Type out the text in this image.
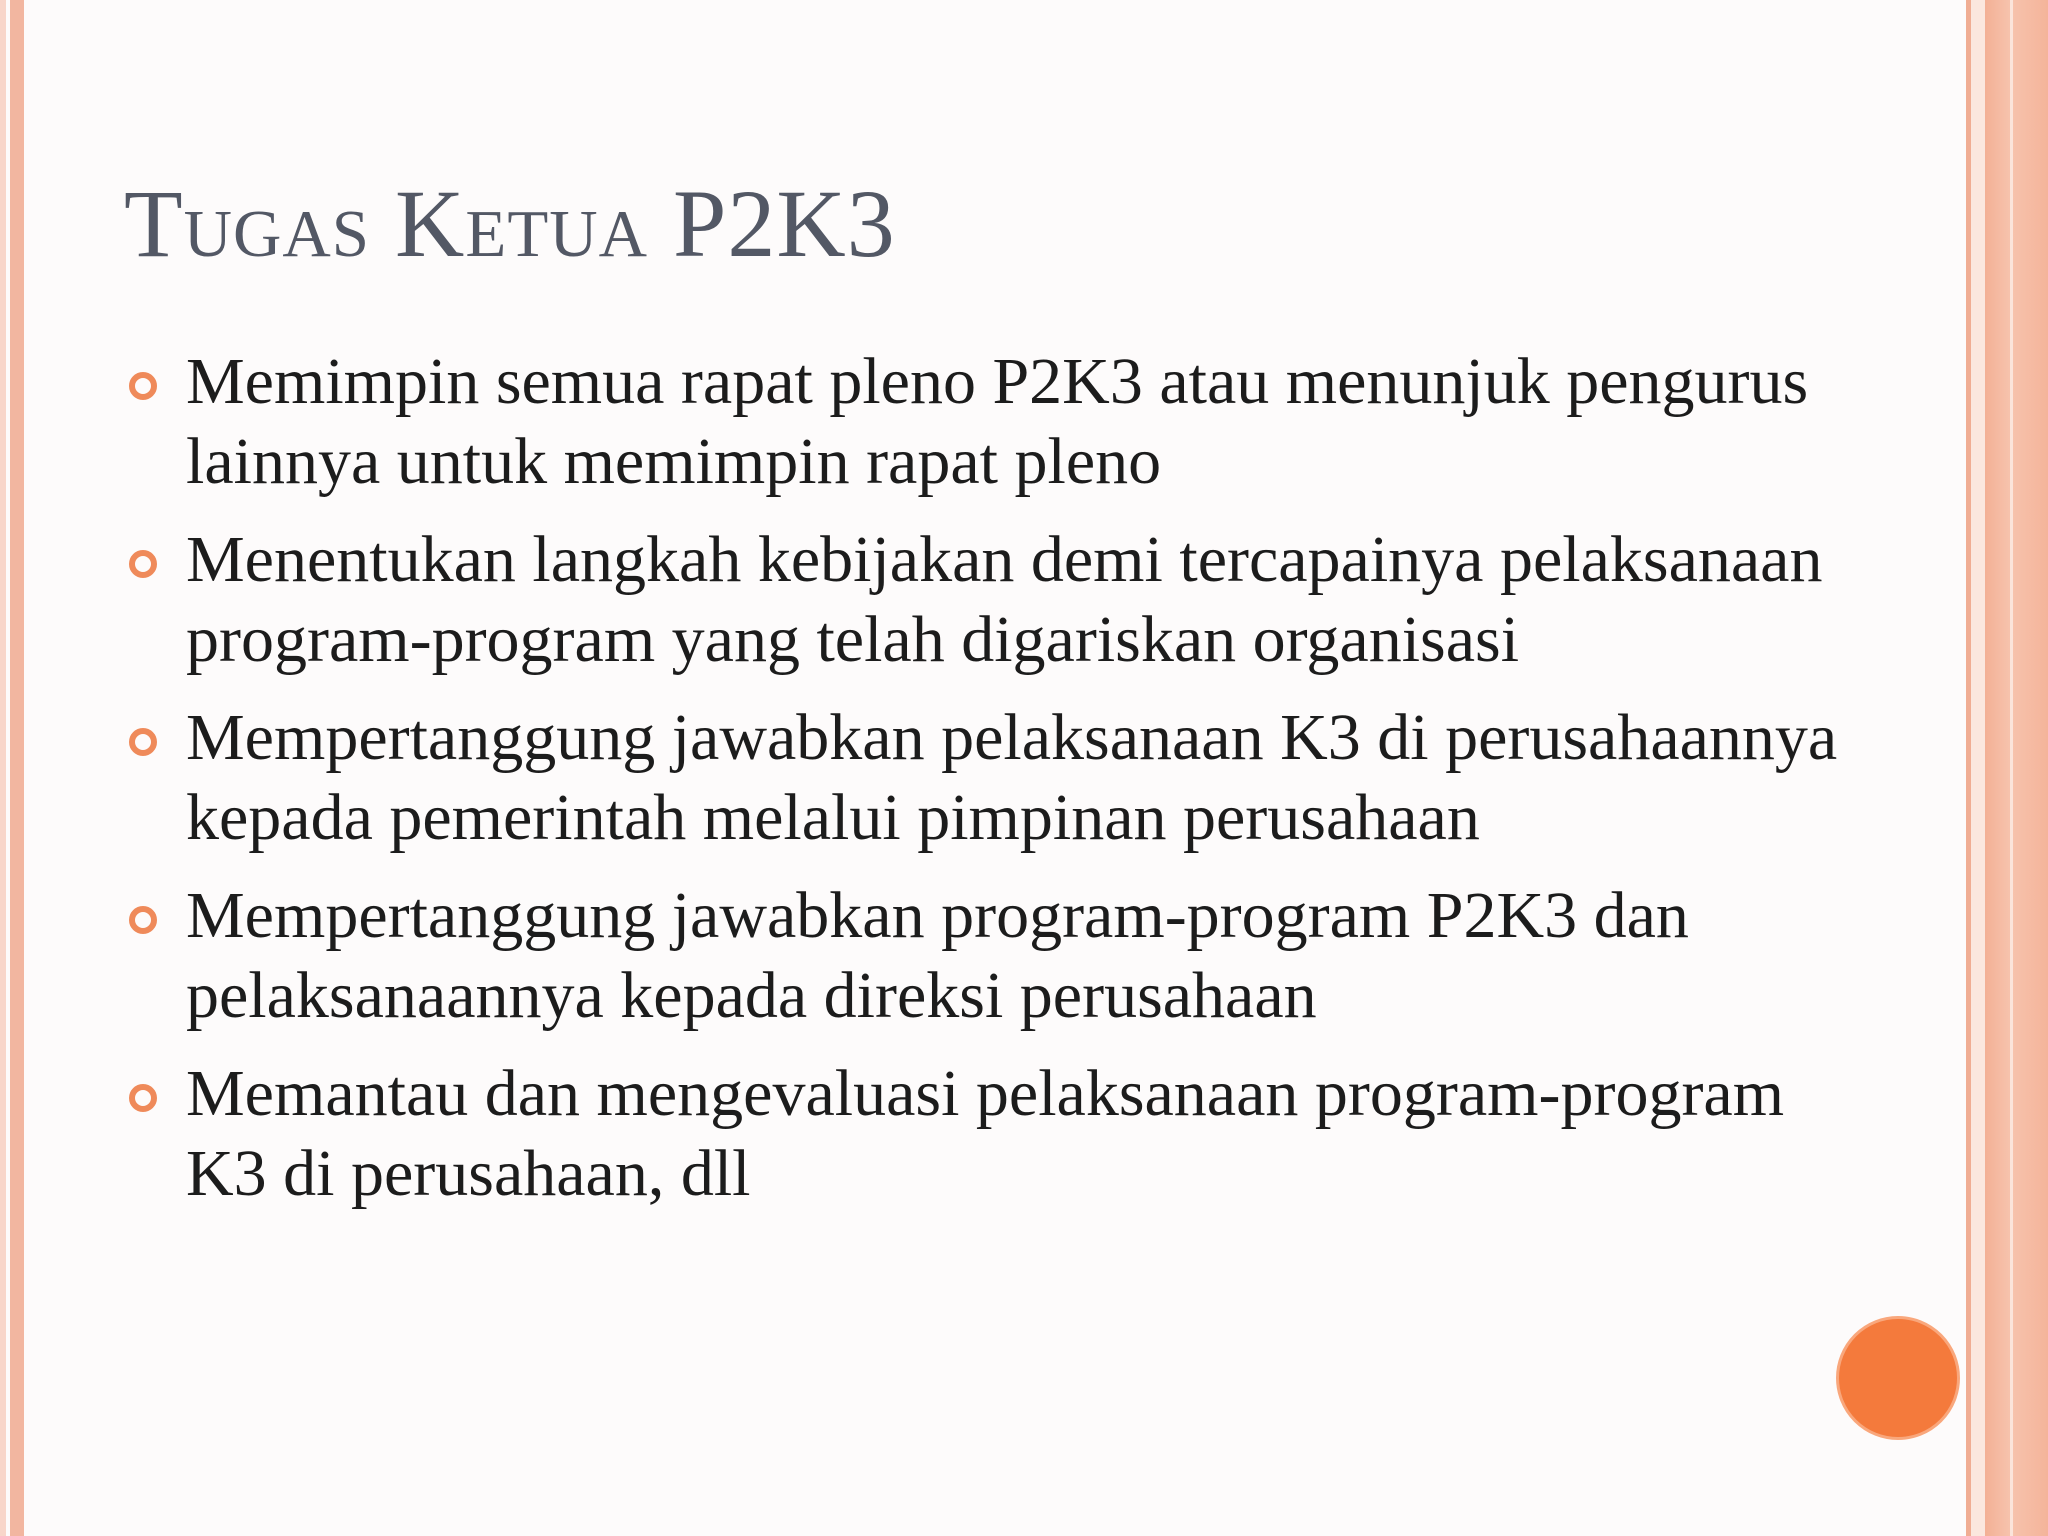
Tugas Ketua P2K3
Memimpin semua rapat pleno P2K3 atau menunjuk pengurus lainnya untuk memimpin rapat pleno
Menentukan langkah kebijakan demi tercapainya pelaksanaan program-program yang telah digariskan organisasi
Mempertanggung jawabkan pelaksanaan K3 di perusahaannya kepada pemerintah melalui pimpinan perusahaan
Mempertanggung jawabkan program-program P2K3 dan pelaksanaannya kepada direksi perusahaan
Memantau dan mengevaluasi pelaksanaan program-program K3 di perusahaan, dll
